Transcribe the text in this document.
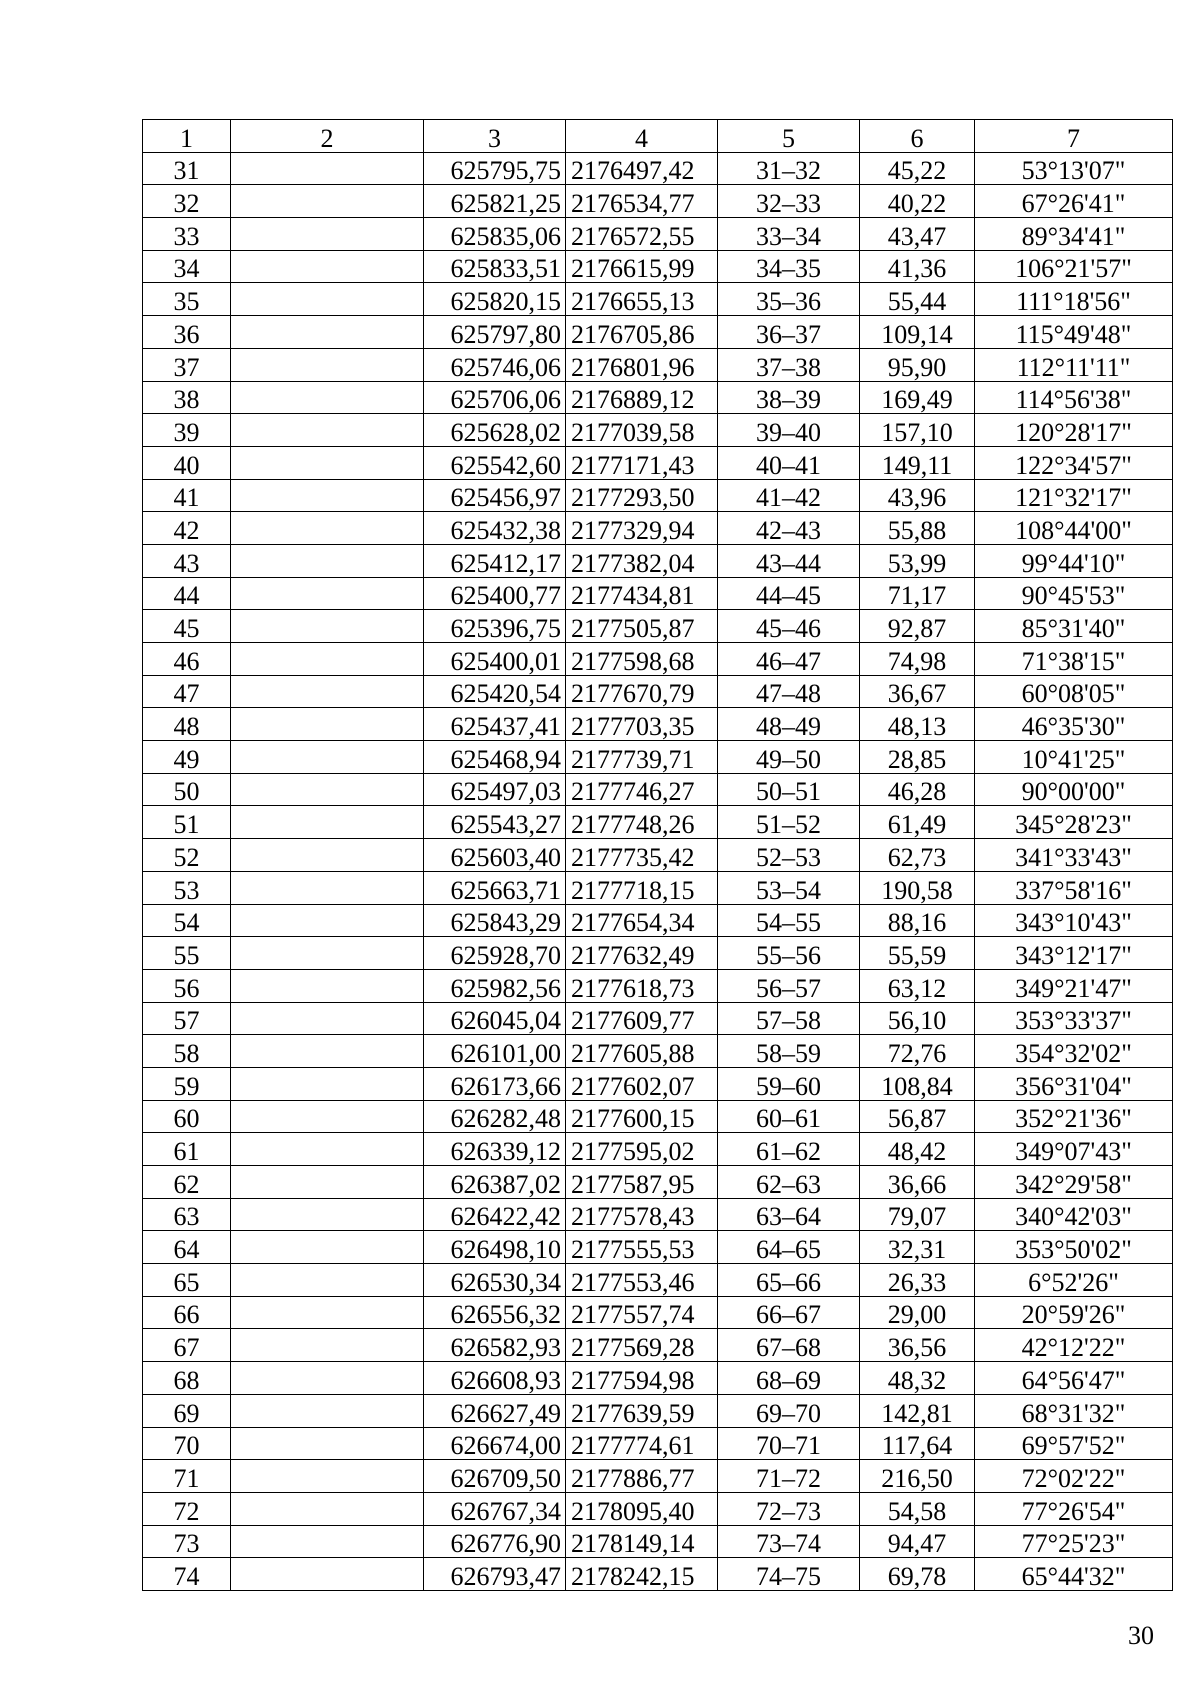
1	2	3	4	5	6	7
31		625795,75	2176497,42	31–32	45,22	53°13'07"
32		625821,25	2176534,77	32–33	40,22	67°26'41"
33		625835,06	2176572,55	33–34	43,47	89°34'41"
34		625833,51	2176615,99	34–35	41,36	106°21'57"
35		625820,15	2176655,13	35–36	55,44	111°18'56"
36		625797,80	2176705,86	36–37	109,14	115°49'48"
37		625746,06	2176801,96	37–38	95,90	112°11'11"
38		625706,06	2176889,12	38–39	169,49	114°56'38"
39		625628,02	2177039,58	39–40	157,10	120°28'17"
40		625542,60	2177171,43	40–41	149,11	122°34'57"
41		625456,97	2177293,50	41–42	43,96	121°32'17"
42		625432,38	2177329,94	42–43	55,88	108°44'00"
43		625412,17	2177382,04	43–44	53,99	99°44'10"
44		625400,77	2177434,81	44–45	71,17	90°45'53"
45		625396,75	2177505,87	45–46	92,87	85°31'40"
46		625400,01	2177598,68	46–47	74,98	71°38'15"
47		625420,54	2177670,79	47–48	36,67	60°08'05"
48		625437,41	2177703,35	48–49	48,13	46°35'30"
49		625468,94	2177739,71	49–50	28,85	10°41'25"
50		625497,03	2177746,27	50–51	46,28	90°00'00"
51		625543,27	2177748,26	51–52	61,49	345°28'23"
52		625603,40	2177735,42	52–53	62,73	341°33'43"
53		625663,71	2177718,15	53–54	190,58	337°58'16"
54		625843,29	2177654,34	54–55	88,16	343°10'43"
55		625928,70	2177632,49	55–56	55,59	343°12'17"
56		625982,56	2177618,73	56–57	63,12	349°21'47"
57		626045,04	2177609,77	57–58	56,10	353°33'37"
58		626101,00	2177605,88	58–59	72,76	354°32'02"
59		626173,66	2177602,07	59–60	108,84	356°31'04"
60		626282,48	2177600,15	60–61	56,87	352°21'36"
61		626339,12	2177595,02	61–62	48,42	349°07'43"
62		626387,02	2177587,95	62–63	36,66	342°29'58"
63		626422,42	2177578,43	63–64	79,07	340°42'03"
64		626498,10	2177555,53	64–65	32,31	353°50'02"
65		626530,34	2177553,46	65–66	26,33	6°52'26"
66		626556,32	2177557,74	66–67	29,00	20°59'26"
67		626582,93	2177569,28	67–68	36,56	42°12'22"
68		626608,93	2177594,98	68–69	48,32	64°56'47"
69		626627,49	2177639,59	69–70	142,81	68°31'32"
70		626674,00	2177774,61	70–71	117,64	69°57'52"
71		626709,50	2177886,77	71–72	216,50	72°02'22"
72		626767,34	2178095,40	72–73	54,58	77°26'54"
73		626776,90	2178149,14	73–74	94,47	77°25'23"
74		626793,47	2178242,15	74–75	69,78	65°44'32"
30
